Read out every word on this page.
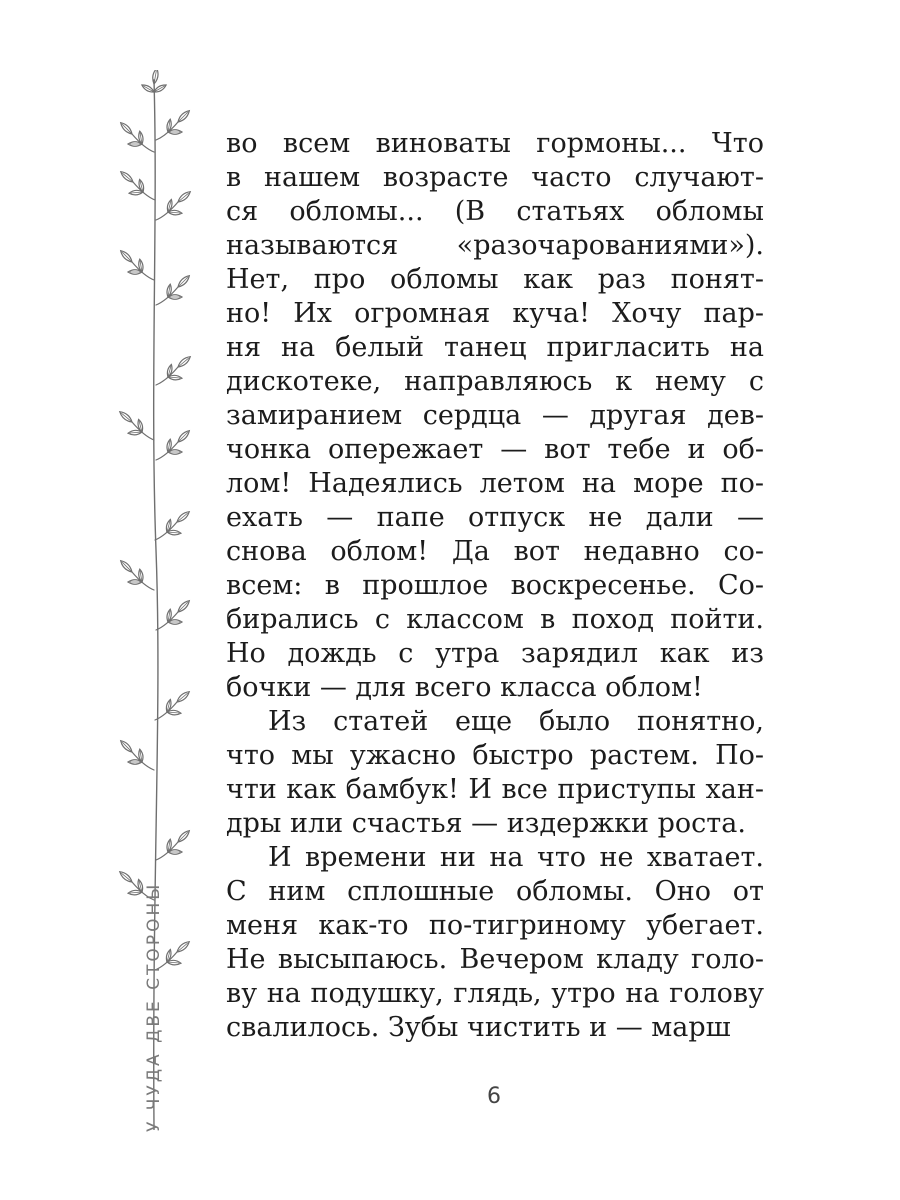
У ЧУДА ДВЕ СТОРОНЫ
во всем виноваты гормоны... Что
в нашем возрасте часто случают-
ся обломы... (В статьях обломы
называются «разочарованиями»).
Нет, про обломы как раз понят-
но! Их огромная куча! Хочу пар-
ня на белый танец пригласить на
дискотеке, направляюсь к нему с
замиранием сердца — другая дев-
чонка опережает — вот тебе и об-
лом! Надеялись летом на море по-
ехать — папе отпуск не дали —
снова облом! Да вот недавно со-
всем: в прошлое воскресенье. Со-
бирались с классом в поход пойти.
Но дождь с утра зарядил как из
бочки — для всего класса облом!
Из статей еще было понятно,
что мы ужасно быстро растем. По-
чти как бамбук! И все приступы хан-
дры или счастья — издержки роста.
И времени ни на что не хватает.
С ним сплошные обломы. Оно от
меня как-то по-тигриному убегает.
Не высыпаюсь. Вечером кладу голо-
ву на подушку, глядь, утро на голову
свалилось. Зубы чистить и — марш
6
